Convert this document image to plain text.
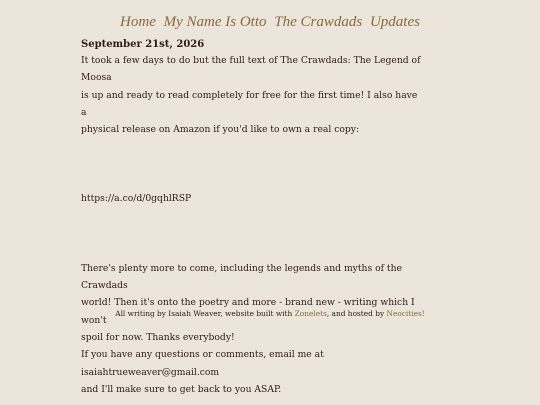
Home My Name Is Otto The Crawdads Updates

September 21st, 2026

It took a few days to do but the full text of The Crawdads: The Legend of Moosa

is up and ready to read completely for free for the first time! I also have a

physical release on Amazon if you'd like to own a real copy:

https://a.co/d/0gqhlRSP

There's plenty more to come, including the legends and myths of the Crawdads

world! Then it's onto the poetry and more - brand new - writing which I won't

spoil for now. Thanks everybody!

If you have any questions or comments, email me at isaiahtrueweaver@gmail.com

and I'll make sure to get back to you ASAP.

All writing by Isaiah Weaver, website built with Zonelets, and hosted by Neocities!
